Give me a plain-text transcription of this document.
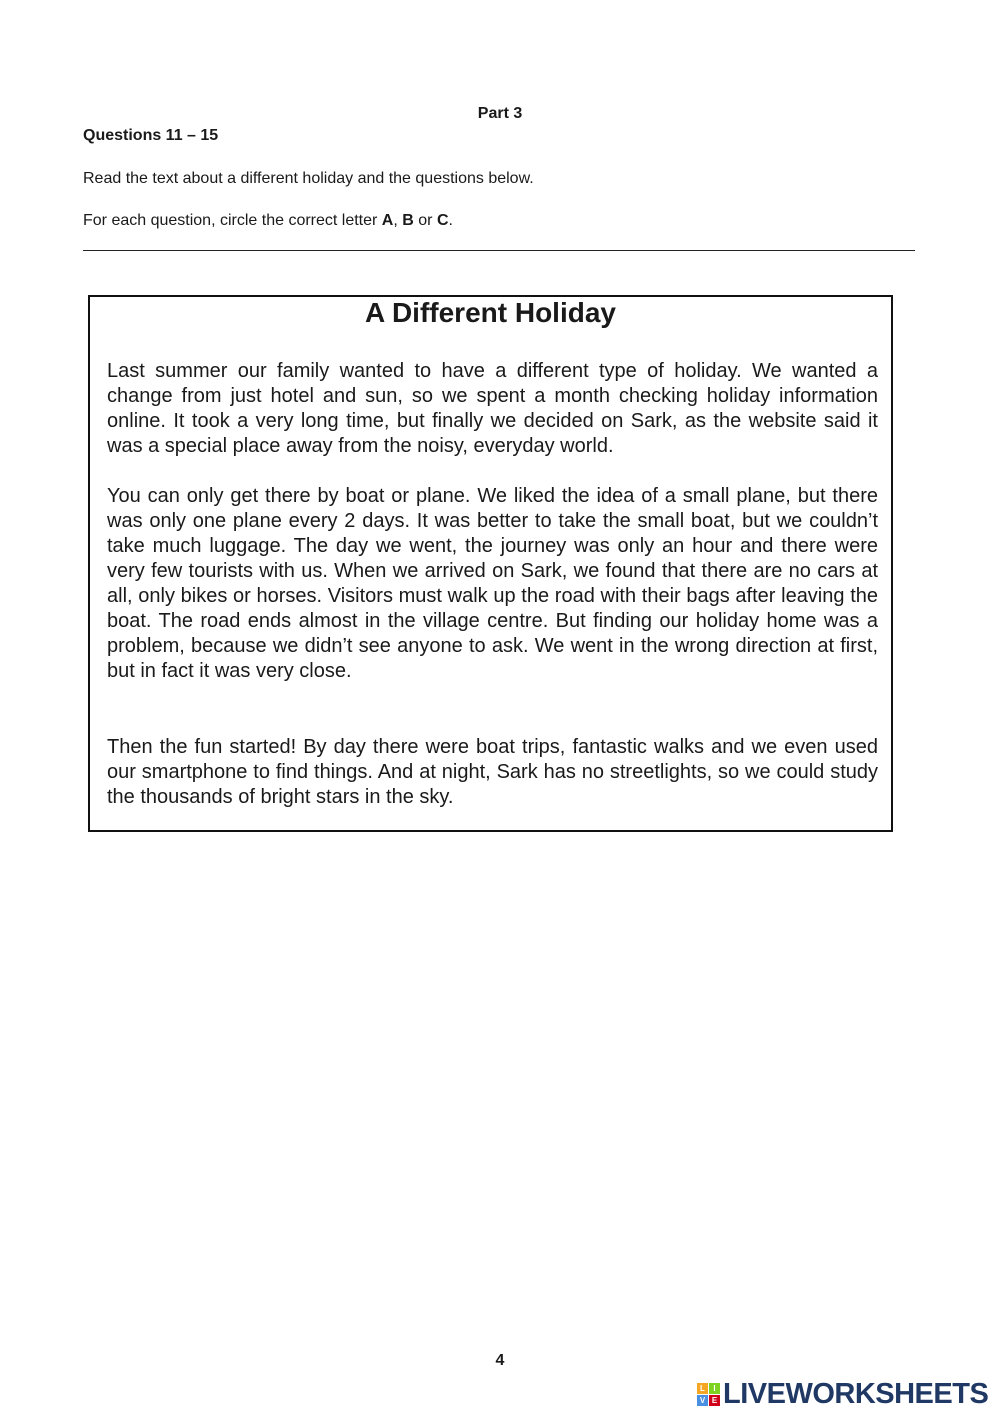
Part 3
Questions 11 – 15
Read the text about a different holiday and the questions below.
For each question, circle the correct letter A, B or C.
A Different Holiday

Last summer our family wanted to have a different type of holiday. We wanted a change from just hotel and sun, so we spent a month checking holiday information online. It took a very long time, but finally we decided on Sark, as the website said it was a special place away from the noisy, everyday world.

You can only get there by boat or plane. We liked the idea of a small plane, but there was only one plane every 2 days. It was better to take the small boat, but we couldn’t take much luggage. The day we went, the journey was only an hour and there were very few tourists with us. When we arrived on Sark, we found that there are no cars at all, only bikes or horses. Visitors must walk up the road with their bags after leaving the boat. The road ends almost in the village centre. But finding our holiday home was a problem, because we didn’t see anyone to ask. We went in the wrong direction at first, but in fact it was very close.

Then the fun started! By day there were boat trips, fantastic walks and we even used our smartphone to find things. And at night, Sark has no streetlights, so we could study the thousands of bright stars in the sky.

4
L	I
V E LIVEWORKSHEETS
